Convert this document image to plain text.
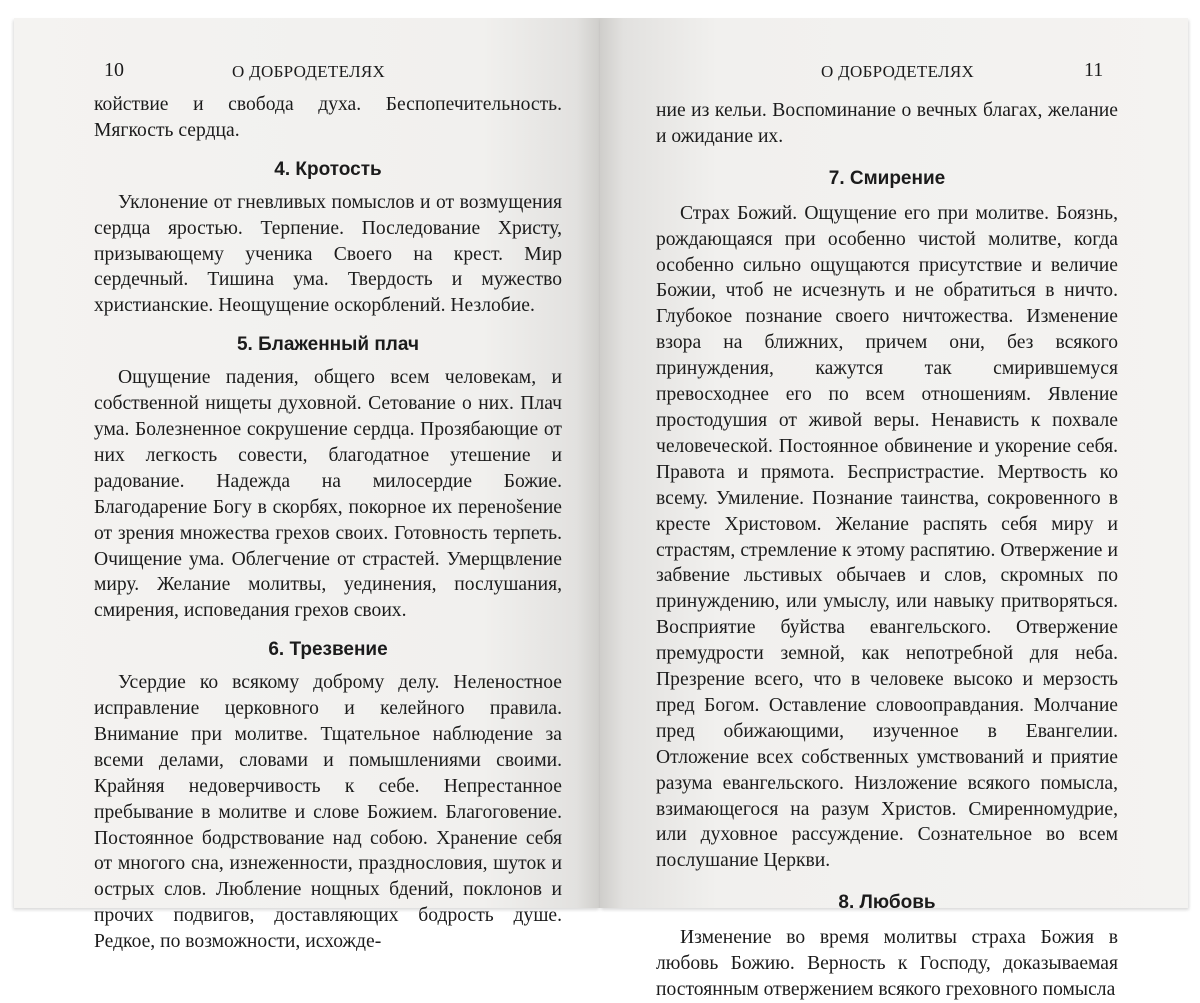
10	О ДОБРОДЕТЕЛЯХ

койствие и свобода духа. Беспопечительность. Мягкость сердца.

4. Кротость

Уклонение от гневливых помыслов и от возмущения сердца яростью. Терпение. Последование Христу, призывающему ученика Своего на крест. Мир сердечный. Тишина ума. Твердость и мужество христианские. Неощущение оскорблений. Незлобие.

5. Блаженный плач

Ощущение падения, общего всем человекам, и собственной нищеты духовной. Сетование о них. Плач ума. Болезненное сокрушение сердца. Прозябающие от них легкость совести, благодатное утешение и радование. Надежда на милосердие Божие. Благодарение Богу в скорбях, покорное их перенošение от зрения множества грехов своих. Готовность терпеть. Очищение ума. Облегчение от страстей. Умерщвление миру. Желание молитвы, уединения, послушания, смирения, исповедания грехов своих.

6. Трезвение

Усердие ко всякому доброму делу. Неленостное исправление церковного и келейного правила. Внимание при молитве. Тщательное наблюдение за всеми делами, словами и помышлениями своими. Крайняя недоверчивость к себе. Непрестанное пребывание в молитве и слове Божием. Благоговение. Постоянное бодрствование над собою. Хранение себя от многого сна, изнеженности, празднословия, шуток и острых слов. Любление нощных бдений, поклонов и прочих подвигов, доставляющих бодрость душе. Редкое, по возможности, исхожде-

О ДОБРОДЕТЕЛЯХ	11

ние из кельи. Воспоминание о вечных благах, желание и ожидание их.

7. Смирение

Страх Божий. Ощущение его при молитве. Боязнь, рождающаяся при особенно чистой молитве, когда особенно сильно ощущаются присутствие и величие Божии, чтоб не исчезнуть и не обратиться в ничто. Глубокое познание своего ничтожества. Изменение взора на ближних, причем они, без всякого принуждения, кажутся так смирившемуся превосходнее его по всем отношениям. Явление простодушия от живой веры. Ненависть к похвале человеческой. Постоянное обвинение и укорение себя. Правота и прямота. Беспристрастие. Мертвость ко всему. Умиление. Познание таинства, сокровенного в кресте Христовом. Желание распять себя миру и страстям, стремление к этому распятию. Отвержение и забвение льстивых обычаев и слов, скромных по принуждению, или умыслу, или навыку притворяться. Восприятие буйства евангельского. Отвержение премудрости земной, как непотребной для неба. Презрение всего, что в человеке высоко и мерзость пред Богом. Оставление словооправдания. Молчание пред обижающими, изученное в Евангелии. Отложение всех собственных умствований и приятие разума евангельского. Низложение всякого помысла, взимающегося на разум Христов. Смиренномудрие, или духовное рассуждение. Сознательное во всем послушание Церкви.

8. Любовь

Изменение во время молитвы страха Божия в любовь Божию. Верность к Господу, доказываемая постоянным отвержением всякого греховного помысла
